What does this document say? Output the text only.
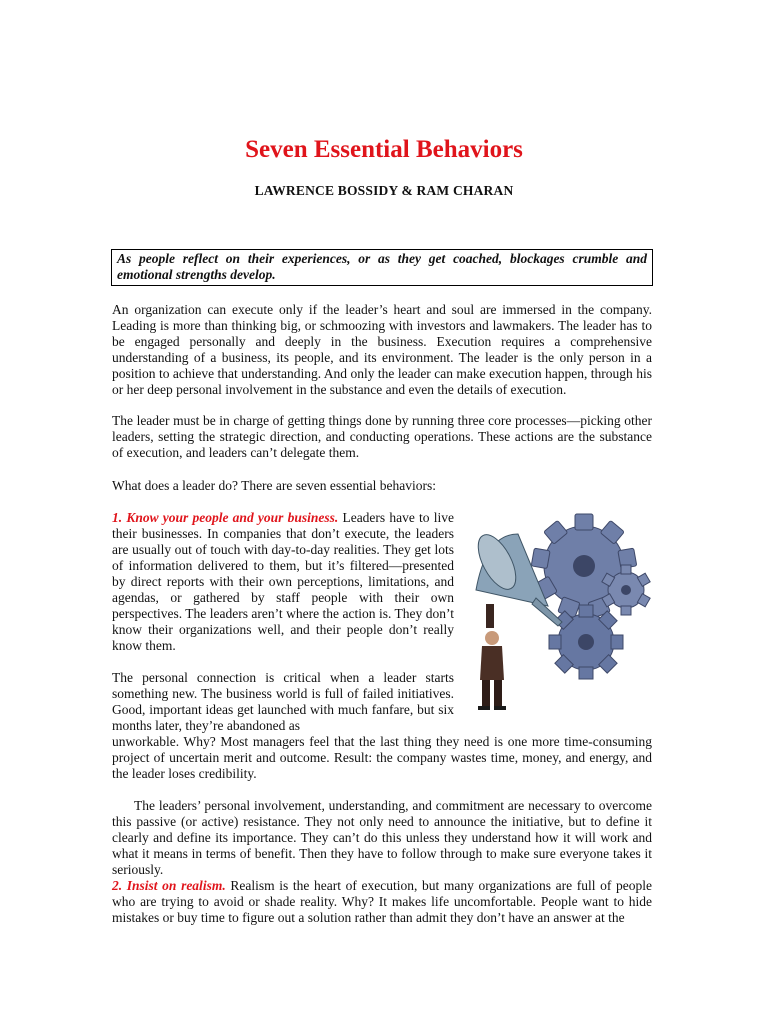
Seven Essential Behaviors
LAWRENCE BOSSIDY & RAM CHARAN
As people reflect on their experiences, or as they get coached, blockages crumble and emotional strengths develop.

An organization can execute only if the leader’s heart and soul are immersed in the company. Leading is more than thinking big, or schmoozing with investors and lawmakers. The leader has to be engaged personally and deeply in the business. Execution requires a comprehensive understanding of a business, its people, and its environment. The leader is the only person in a position to achieve that understanding. And only the leader can make execution happen, through his or her deep personal involvement in the substance and even the details of execution.

The leader must be in charge of getting things done by running three core processes—picking other leaders, setting the strategic direction, and conducting operations. These actions are the substance of execution, and leaders can’t delegate them.

What does a leader do? There are seven essential behaviors:

1. Know your people and your business. Leaders have to live their businesses. In companies that don’t execute, the leaders are usually out of touch with day-to-day realities. They get lots of information delivered to them, but it’s filtered—presented by direct reports with their own perceptions, limitations, and agendas, or gathered by staff people with their own perspectives. The leaders aren’t where the action is. They don’t know their organizations well, and their people don’t really know them.

The personal connection is critical when a leader starts something new. The business world is full of failed initiatives. Good, important ideas get launched with much fanfare, but six months later, they’re abandoned as

unworkable. Why? Most managers feel that the last thing they need is one more time-consuming project of uncertain merit and outcome. Result: the company wastes time, money, and energy, and the leader loses credibility.

The leaders’ personal involvement, understanding, and commitment are necessary to overcome this passive (or active) resistance. They not only need to announce the initiative, but to define it clearly and define its importance. They can’t do this unless they understand how it will work and what it means in terms of benefit. Then they have to follow through to make sure everyone takes it seriously.

2. Insist on realism. Realism is the heart of execution, but many organizations are full of people who are trying to avoid or shade reality. Why? It makes life uncomfortable. People want to hide mistakes or buy time to figure out a solution rather than admit they don’t have an answer at the
